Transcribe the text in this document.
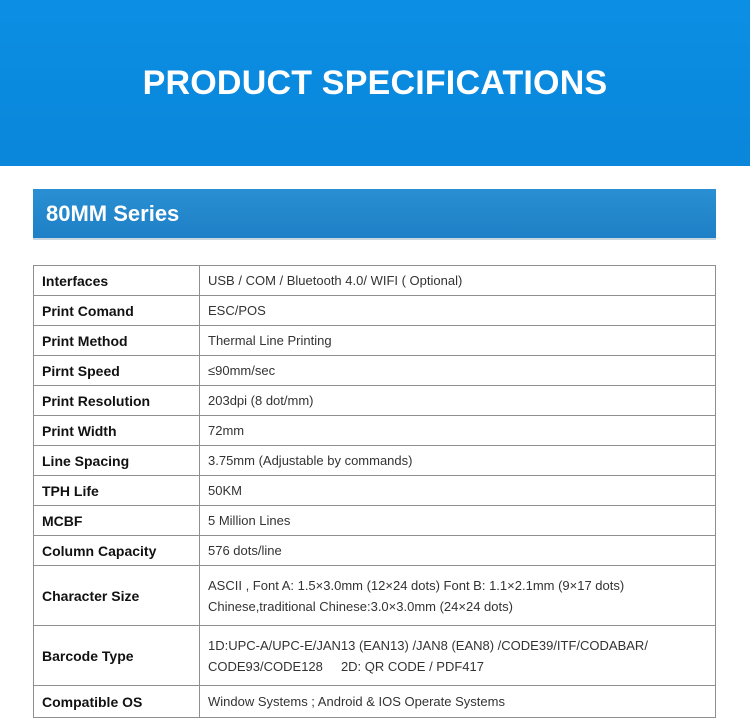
PRODUCT SPECIFICATIONS
80MM Series
Interfaces	USB / COM / Bluetooth 4.0/ WIFI ( Optional)
Print Comand	ESC/POS
Print Method	Thermal Line Printing
Pirnt Speed	≤90mm/sec
Print Resolution	203dpi (8 dot/mm)
Print Width	72mm
Line Spacing	3.75mm (Adjustable by commands)
TPH Life	50KM
MCBF	5 Million Lines
Column Capacity	576 dots/line
Character Size	ASCII , Font A: 1.5×3.0mm (12×24 dots) Font B: 1.1×2.1mm (9×17 dots)
Chinese,traditional Chinese:3.0×3.0mm (24×24 dots)

Barcode Type	1D:UPC-A/UPC-E/JAN13 (EAN13) /JAN8 (EAN8) /CODE39/ITF/CODABAR/
CODE93/CODE128     2D: QR CODE / PDF417

Compatible OS	Window Systems ; Android & IOS Operate Systems
